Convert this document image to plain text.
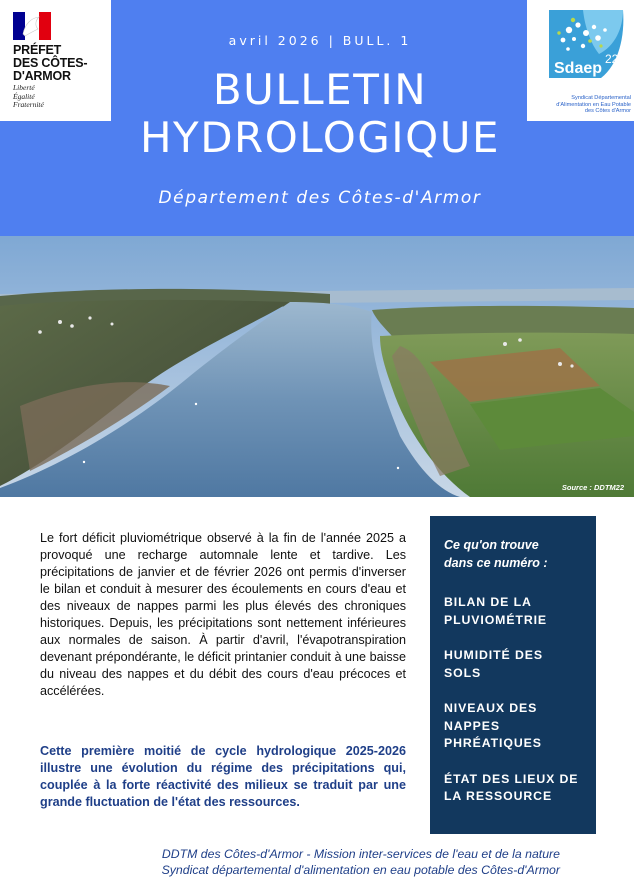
PRÉFET
DES CÔTES-
D'ARMOR
Liberté
Égalité
Fraternité
avril 2026 | BULL. 1
BULLETIN
HYDROLOGIQUE
Département des Côtes-d'Armor
Sdaep
22
Syndicat Départemental
d'Alimentation en Eau Potable
des Côtes d'Armor
Source : DDTM22

Le fort déficit pluviométrique observé à la fin de l'année 2025 a provoqué une recharge automnale lente et tardive. Les précipitations de janvier et de février 2026 ont permis d'inverser le bilan et conduit à mesurer des écoulements en cours d'eau et des niveaux de nappes parmi les plus élevés des chroniques historiques. Depuis, les précipitations sont nettement inférieures aux normales de saison. À partir d'avril, l'évapotranspiration devenant prépondérante, le déficit printanier conduit à une baisse du niveau des nappes et du débit des cours d'eau précoces et accélérées.

Cette première moitié de cycle hydrologique 2025-2026 illustre une évolution du régime des précipitations qui, couplée à la forte réactivité des milieux se traduit par une grande fluctuation de l'état des ressources.

Ce qu'on trouve
dans ce numéro :
BILAN DE LA
PLUVIOMÉTRIE
HUMIDITÉ DES
SOLS
NIVEAUX DES
NAPPES
PHRÉATIQUES
ÉTAT DES LIEUX DE
LA RESSOURCE
DDTM des Côtes-d'Armor - Mission inter-services de l'eau et de la nature
Syndicat départemental d'alimentation en eau potable des Côtes-d'Armor
